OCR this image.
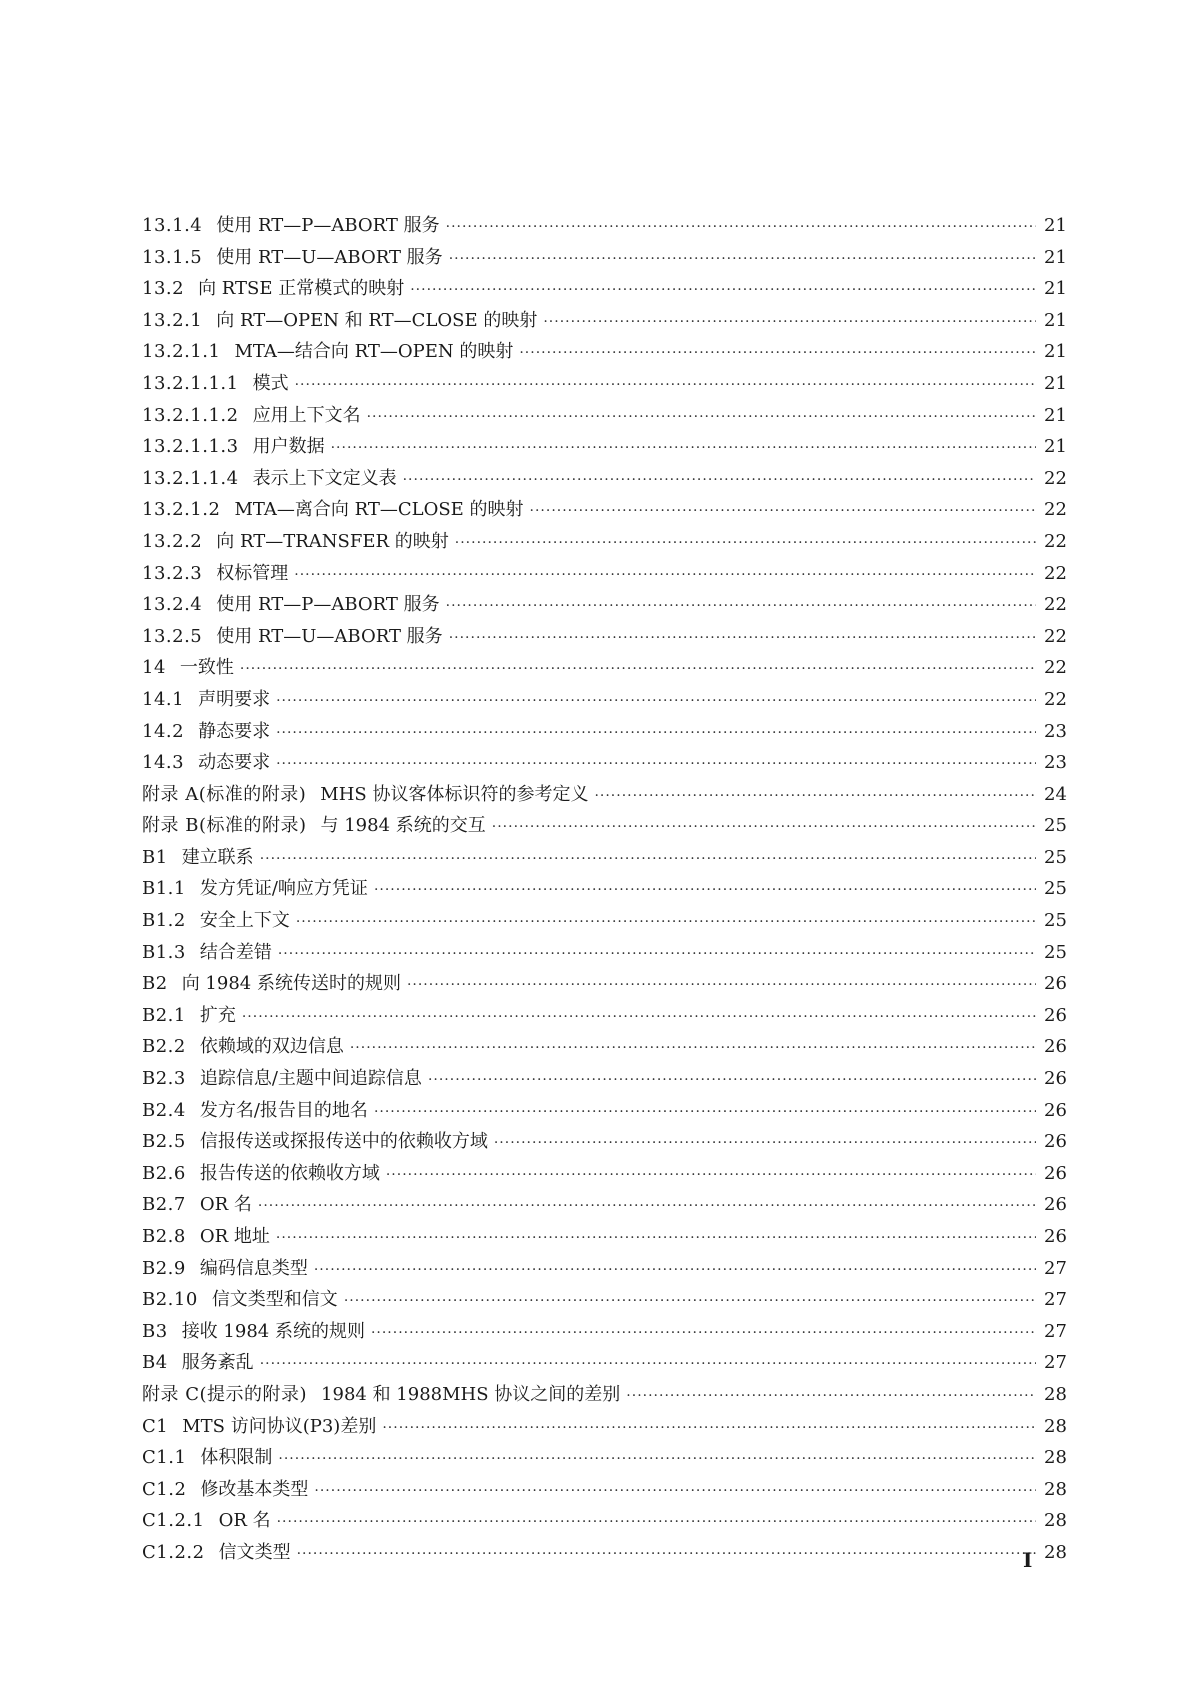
13.1.4 使用 RT—P—ABORT 服务 ·····	21
13.1.5 使用 RT—U—ABORT 服务 ·····	21
13.2 向 RTSE 正常模式的映射 ·····	21
13.2.1 向 RT—OPEN 和 RT—CLOSE 的映射 ·····	21
13.2.1.1 MTA—结合向 RT—OPEN 的映射 ·····	21
13.2.1.1.1 模式 ·····	21
13.2.1.1.2 应用上下文名 ·····	21
13.2.1.1.3 用户数据 ·····	21
13.2.1.1.4 表示上下文定义表 ·····	22
13.2.1.2 MTA—离合向 RT—CLOSE 的映射 ·····	22
13.2.2 向 RT—TRANSFER 的映射 ·····	22
13.2.3 权标管理 ·····	22
13.2.4 使用 RT—P—ABORT 服务 ·····	22
13.2.5 使用 RT—U—ABORT 服务 ·····	22
14 一致性 ·····	22
14.1 声明要求 ·····	22
14.2 静态要求 ·····	23
14.3 动态要求 ·····	23
附录 A(标准的附录) MHS 协议客体标识符的参考定义 ·····	24
附录 B(标准的附录) 与 1984 系统的交互 ·····	25
B1 建立联系 ·····	25
B1.1 发方凭证/响应方凭证 ·····	25
B1.2 安全上下文 ·····	25
B1.3 结合差错 ·····	25
B2 向 1984 系统传送时的规则 ·····	26
B2.1 扩充 ·····	26
B2.2 依赖域的双边信息 ·····	26
B2.3 追踪信息/主题中间追踪信息 ·····	26
B2.4 发方名/报告目的地名 ·····	26
B2.5 信报传送或探报传送中的依赖收方域 ·····	26
B2.6 报告传送的依赖收方域 ·····	26
B2.7 OR 名 ·····	26
B2.8 OR 地址 ·····	26
B2.9 编码信息类型 ·····	27
B2.10 信文类型和信文 ·····	27
B3 接收 1984 系统的规则 ·····	27
B4 服务紊乱 ·····	27
附录 C(提示的附录) 1984 和 1988MHS 协议之间的差别 ·····	28
C1 MTS 访问协议(P3)差别 ·····	28
C1.1 体积限制 ·····	28
C1.2 修改基本类型 ·····	28
C1.2.1 OR 名 ·····	28
C1.2.2 信文类型 ·····	28
Ⅰ
